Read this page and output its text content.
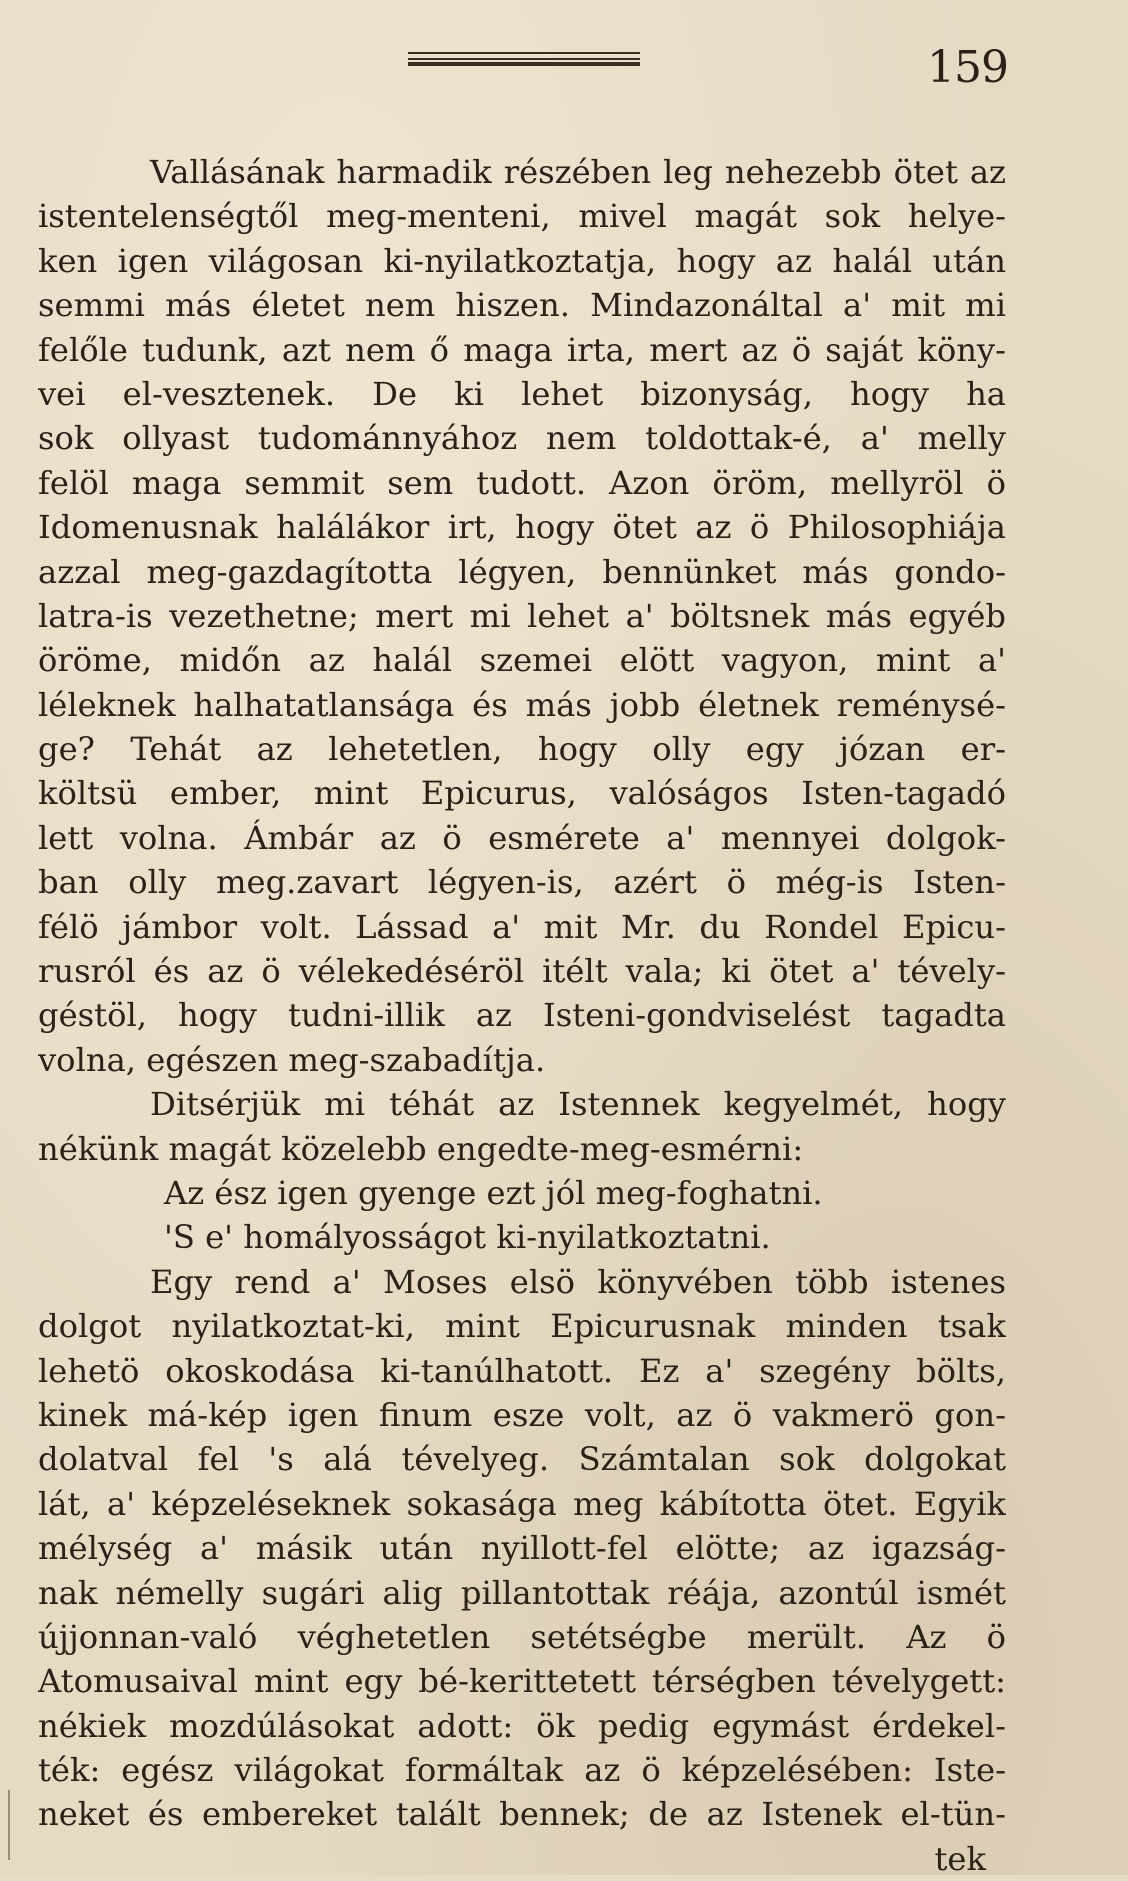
159
Vallásának harmadik részében leg nehezebb ötet az
istentelenségtől meg-menteni, mivel magát sok helye-
ken igen világosan ki-nyilatkoztatja, hogy az halál után
semmi más életet nem hiszen. Mindazonáltal a' mit mi
felőle tudunk, azt nem ő maga irta, mert az ö saját köny-
vei el-vesztenek. De ki lehet bizonyság, hogy ha
sok ollyast tudománnyához nem toldottak-é, a' melly
felöl maga semmit sem tudott. Azon öröm, mellyröl ö
Idomenusnak halálákor irt, hogy ötet az ö Philosophiája
azzal meg-gazdagította légyen, bennünket más gondo-
latra-is vezethetne; mert mi lehet a' böltsnek más egyéb
öröme, midőn az halál szemei elött vagyon, mint a'
léleknek halhatatlansága és más jobb életnek reménysé-
ge? Tehát az lehetetlen, hogy olly egy józan er-
költsü ember, mint Epicurus, valóságos Isten-tagadó
lett volna. Ámbár az ö esmérete a' mennyei dolgok-
ban olly meg.zavart légyen-is, azért ö még-is Isten-
félö jámbor volt. Lássad a' mit Mr. du Rondel Epicu-
rusról és az ö vélekedéséröl itélt vala; ki ötet a' tévely-
géstöl, hogy tudni-illik az Isteni-gondviselést tagadta
volna, egészen meg-szabadítja.
Ditsérjük mi téhát az Istennek kegyelmét, hogy
nékünk magát közelebb engedte-meg-esmérni:
Az ész igen gyenge ezt jól meg-foghatni.
'S e' homályosságot ki-nyilatkoztatni.
Egy rend a' Moses elsö könyvében több istenes
dolgot nyilatkoztat-ki, mint Epicurusnak minden tsak
lehetö okoskodása ki-tanúlhatott. Ez a' szegény bölts,
kinek má-kép igen finum esze volt, az ö vakmerö gon-
dolatval fel 's alá tévelyeg. Számtalan sok dolgokat
lát, a' képzeléseknek sokasága meg kábította ötet. Egyik
mélység a' másik után nyillott-fel elötte; az igazság-
nak némelly sugári alig pillantottak réája, azontúl ismét
újjonnan-való véghetetlen setétségbe merült. Az ö
Atomusaival mint egy bé-kerittetett térségben tévelygett:
nékiek mozdúlásokat adott: ök pedig egymást érdekel-
ték: egész világokat formáltak az ö képzelésében: Iste-
neket és embereket talált bennek; de az Istenek el-tün-
tek
